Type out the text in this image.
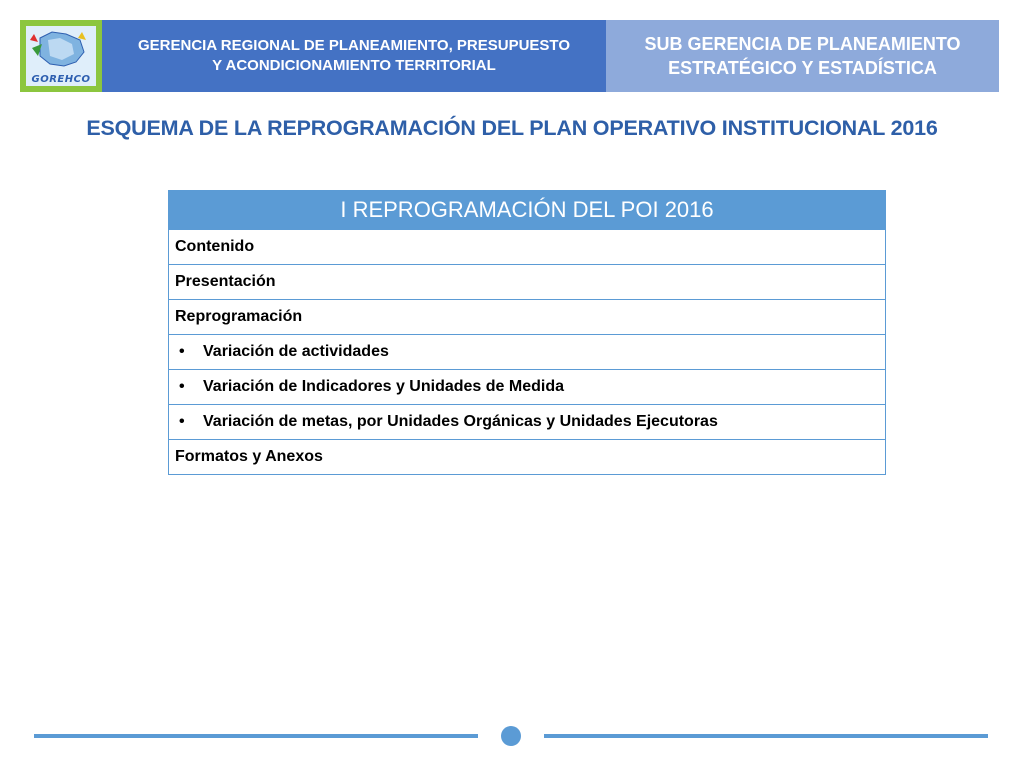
GOREHCO
GERENCIA REGIONAL DE PLANEAMIENTO, PRESUPUESTO
Y ACONDICIONAMIENTO TERRITORIAL
SUB GERENCIA DE PLANEAMIENTO
ESTRATÉGICO Y ESTADÍSTICA
ESQUEMA DE LA REPROGRAMACIÓN DEL PLAN OPERATIVO INSTITUCIONAL 2016
I REPROGRAMACIÓN DEL POI 2016
Contenido
Presentación
Reprogramación
• Variación de actividades
• Variación de Indicadores y Unidades de Medida
• Variación de metas, por Unidades Orgánicas y Unidades Ejecutoras
Formatos y Anexos
